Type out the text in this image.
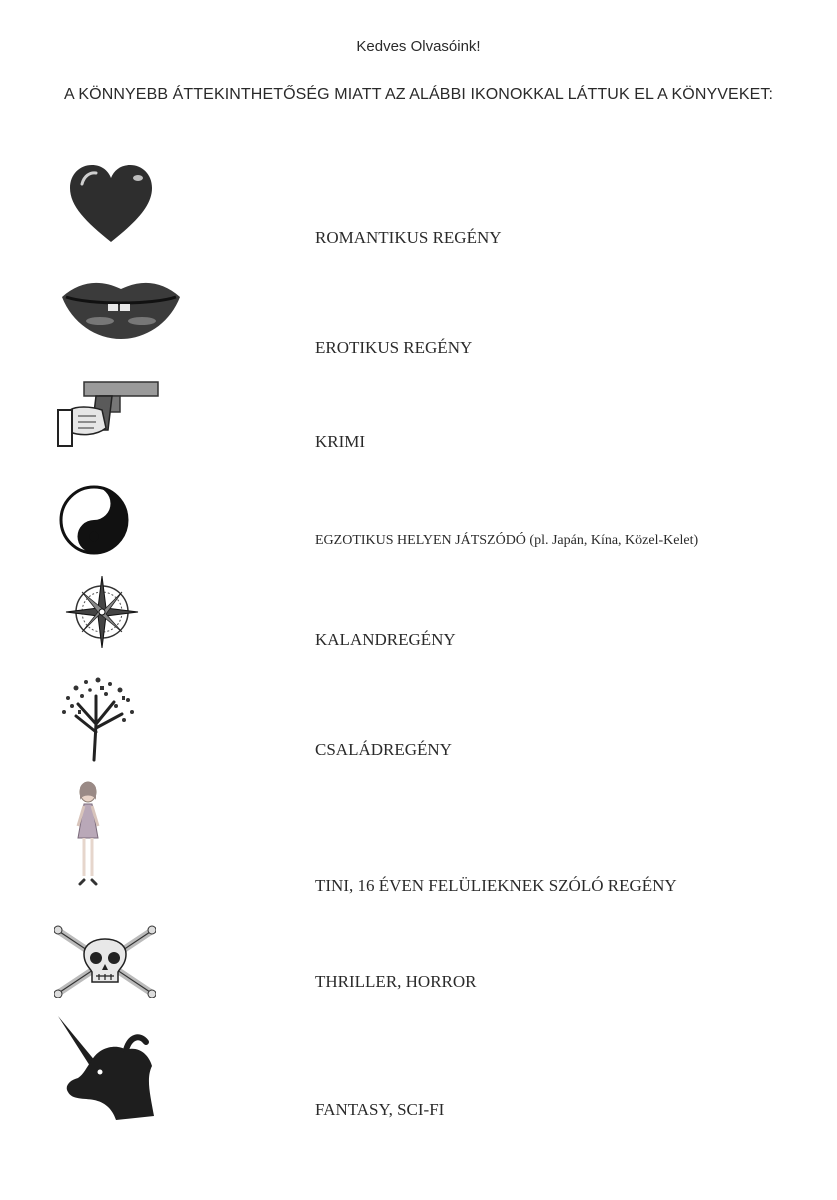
Kedves Olvasóink!
A KÖNNYEBB ÁTTEKINTHETŐSÉG MIATT AZ ALÁBBI IKONOKKAL LÁTTUK EL A KÖNYVEKET:
ROMANTIKUS REGÉNY
EROTIKUS REGÉNY
KRIMI
EGZOTIKUS HELYEN JÁTSZÓDÓ (pl. Japán, Kína, Közel-Kelet)
KALANDREGÉNY
CSALÁDREGÉNY
TINI, 16 ÉVEN FELÜLIEKNEK SZÓLÓ REGÉNY
THRILLER, HORROR
FANTASY, SCI-FI
